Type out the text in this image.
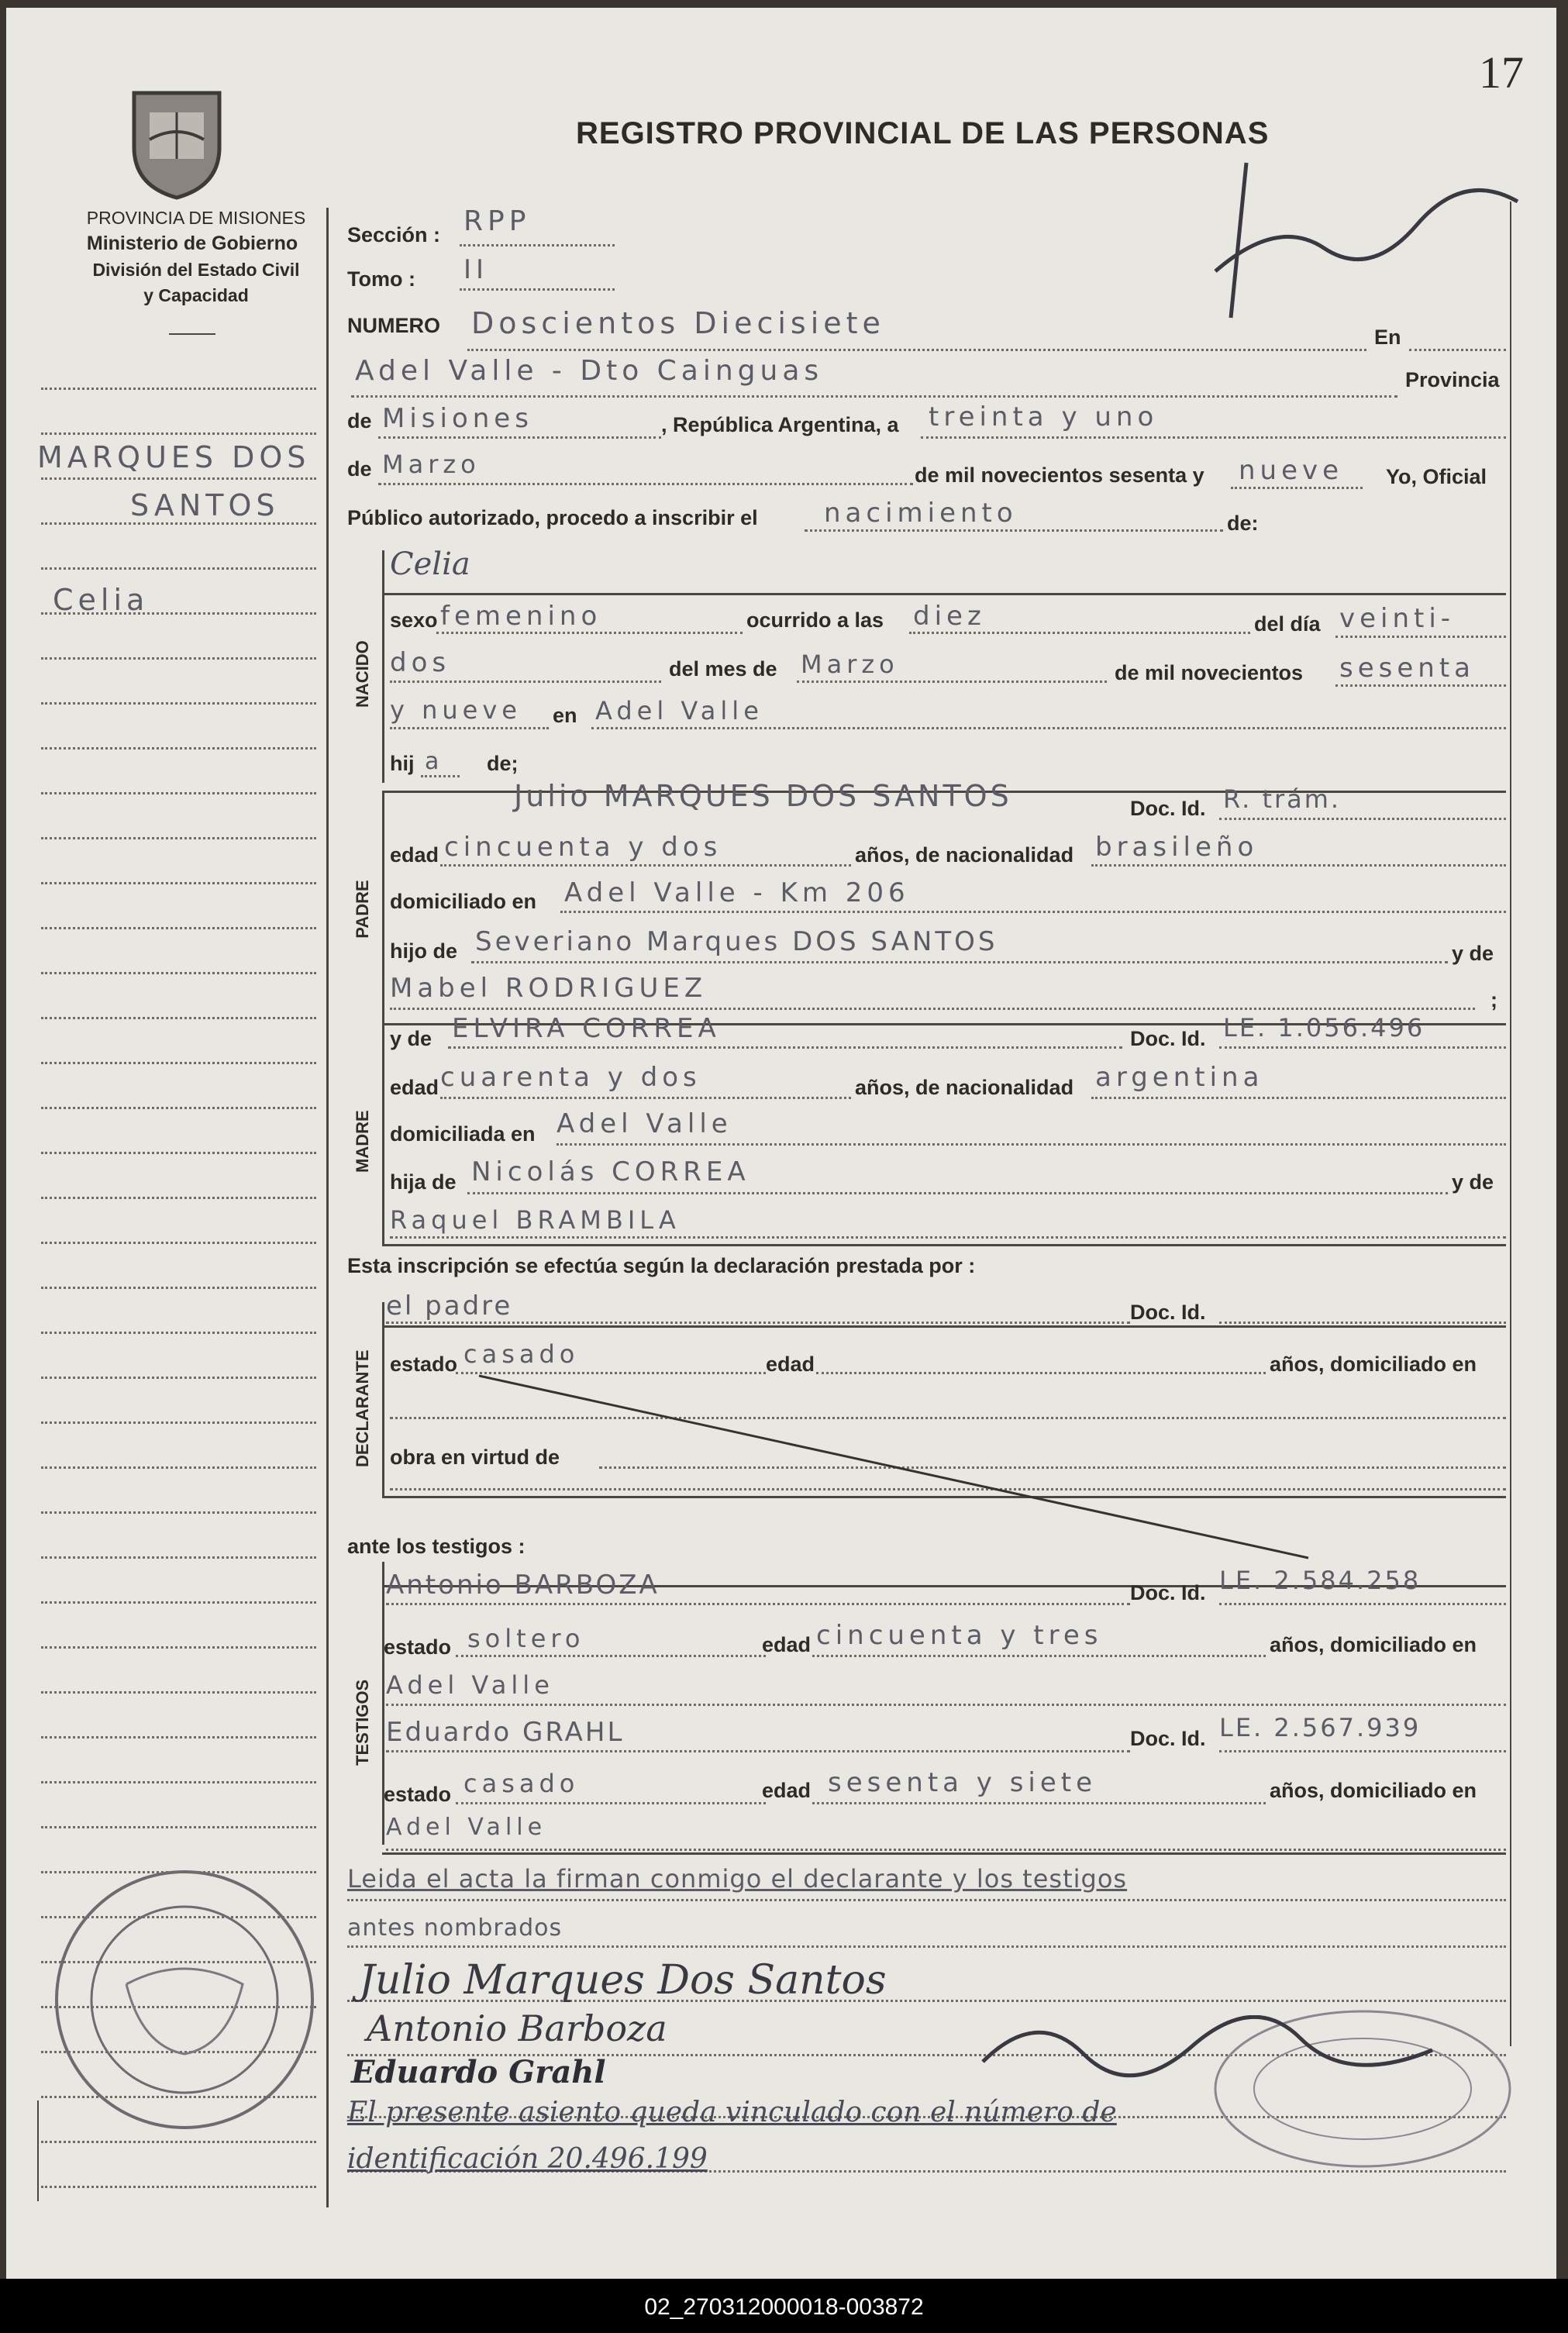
17
REGISTRO PROVINCIAL DE LAS PERSONAS
PROVINCIA DE MISIONES
Ministerio de Gobierno
División del Estado Civil
y Capacidad
MARQUES DOS
SANTOS
Celia
NACIDO
PADRE
MADRE
DECLARANTE
TESTIGOS
Sección : RPP
Tomo : II
NUMERO Doscientos Diecisiete	En
Adel Valle - Dto Cainguas	Provincia
de Misiones	, República Argentina, a treinta y uno
de Marzo	de mil novecientos sesenta y nueve Yo, Oficial
Público autorizado, procedo a inscribir el	nacimiento	de:
Celia
sexo femenino	ocurrido a las diez	del día veinti-
dos	del mes de Marzo	de mil novecientos sesenta
y nueve en Adel Valle
hij a de;
Julio MARQUES DOS SANTOS	Doc. Id. R. trám.
edad cincuenta y dos	años, de nacionalidad brasileño
domiciliado en Adel Valle - Km 206
hijo de Severiano Marques DOS SANTOS	y de
Mabel RODRIGUEZ	;
y de ELVIRA CORREA	Doc. Id. LE. 1.056.496
edad cuarenta y dos	años, de nacionalidad argentina
domiciliada en Adel Valle
hija de Nicolás CORREA	y de
Raquel BRAMBILA
Esta inscripción se efectúa según la declaración prestada por :
el padre	Doc. Id.
estado casado	edad	años, domiciliado en
obra en virtud de
ante los testigos :
Antonio BARBOZA	Doc. Id. LE. 2.584.258
estado soltero	edad cincuenta y tres	años, domiciliado en
Adel Valle
Eduardo GRAHL	Doc. Id. LE. 2.567.939
estado casado	edad sesenta y siete	años, domiciliado en
Adel Valle
Leida el acta la firman conmigo el declarante y los testigos
antes nombrados
Julio Marques Dos Santos
Antonio Barboza
Eduardo Grahl
El presente asiento queda vinculado con el número de
identificación 20.496.199
02_270312000018-003872
